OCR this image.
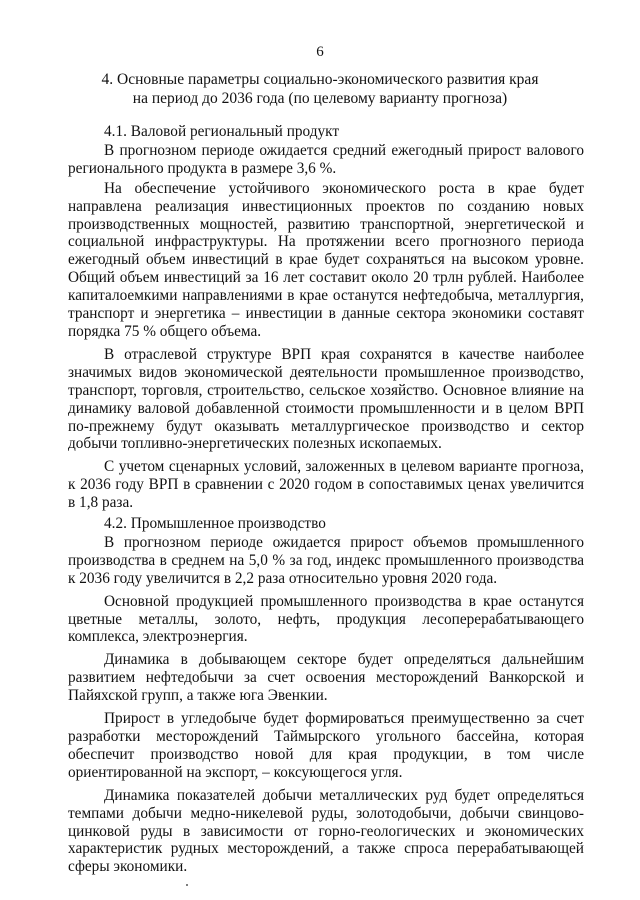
6
4. Основные параметры социально-экономического развития края
на период до 2036 года (по целевому варианту прогноза)

4.1. Валовой региональный продукт

В прогнозном периоде ожидается средний ежегодный прирост валового регионального продукта в размере 3,6 %.

На обеспечение устойчивого экономического роста в крае будет направлена реализация инвестиционных проектов по созданию новых производственных мощностей, развитию транспортной, энергетической и социальной инфраструктуры. На протяжении всего прогнозного периода ежегодный объем инвестиций в крае будет сохраняться на высоком уровне. Общий объем инвестиций за 16 лет составит около 20 трлн рублей. Наиболее капиталоемкими направлениями в крае останутся нефтедобыча, металлургия, транспорт и энергетика – инвестиции в данные сектора экономики составят порядка 75 % общего объема.

В отраслевой структуре ВРП края сохранятся в качестве наиболее значимых видов экономической деятельности промышленное производство, транспорт, торговля, строительство, сельское хозяйство. Основное влияние на динамику валовой добавленной стоимости промышленности и в целом ВРП по-прежнему будут оказывать металлургическое производство и сектор добычи топливно-энергетических полезных ископаемых.

С учетом сценарных условий, заложенных в целевом варианте прогноза, к 2036 году ВРП в сравнении с 2020 годом в сопоставимых ценах увеличится в 1,8 раза.

4.2. Промышленное производство

В прогнозном периоде ожидается прирост объемов промышленного производства в среднем на 5,0 % за год, индекс промышленного производства к 2036 году увеличится в 2,2 раза относительно уровня 2020 года.

Основной продукцией промышленного производства в крае останутся цветные металлы, золото, нефть, продукция лесоперерабатывающего комплекса, электроэнергия.

Динамика в добывающем секторе будет определяться дальнейшим развитием нефтедобычи за счет освоения месторождений Ванкорской и Пайяхской групп, а также юга Эвенкии.

Прирост в угледобыче будет формироваться преимущественно за счет разработки месторождений Таймырского угольного бассейна, которая обеспечит производство новой для края продукции, в том числе ориентированной на экспорт, – коксующегося угля.

Динамика показателей добычи металлических руд будет определяться темпами добычи медно-никелевой руды, золотодобычи, добычи свинцово-цинковой руды в зависимости от горно-геологических и экономических характеристик рудных месторождений, а также спроса перерабатывающей сферы экономики.
